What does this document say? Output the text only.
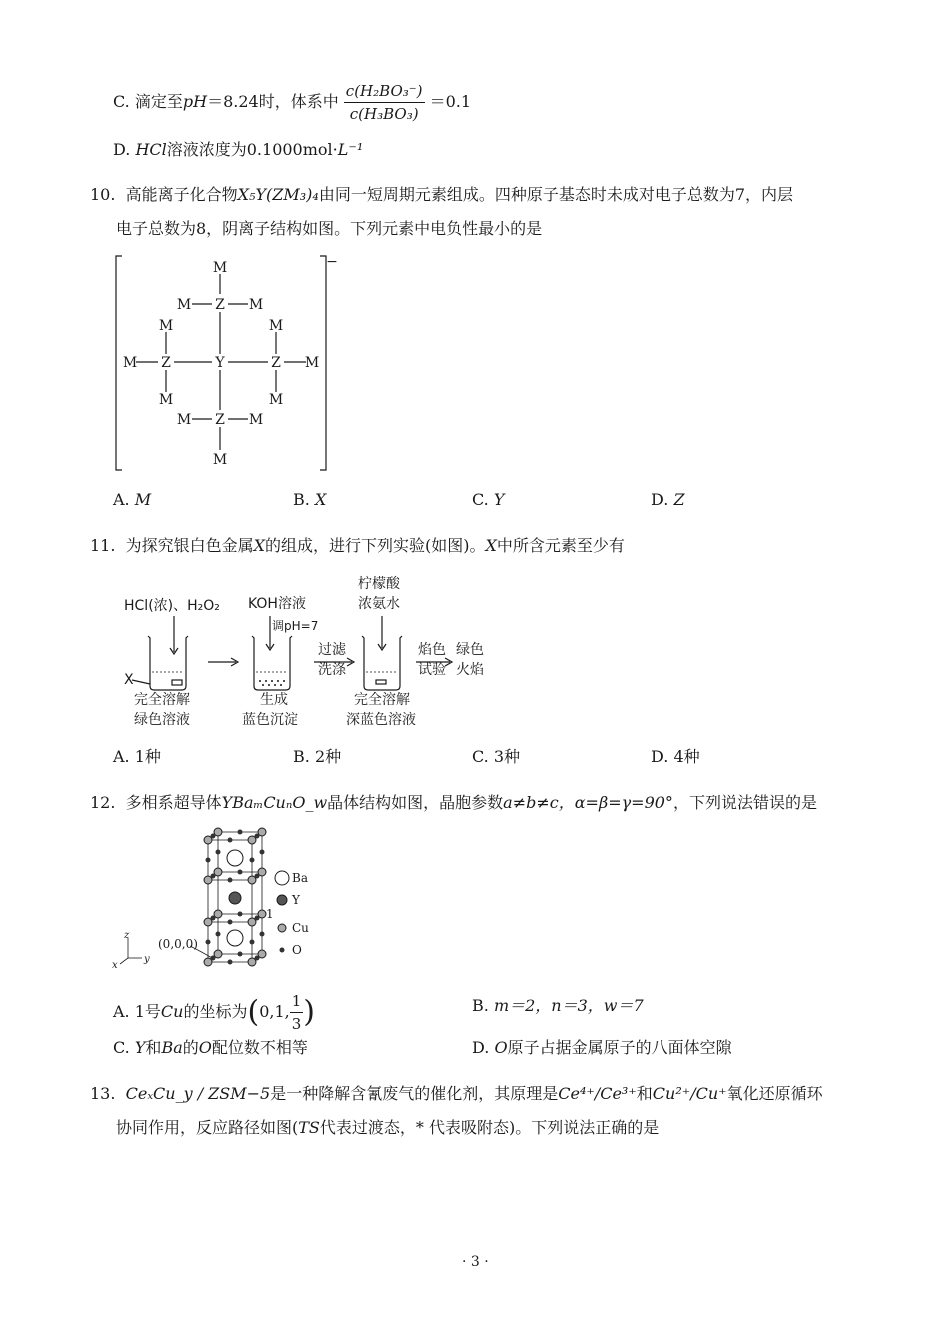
C. 滴定至pH＝8.24时，体系中 $\frac{\text{c(H₂BO₃⁻)}}{\text{c(H₃BO₃)}} =0.1$
D. HCl溶液浓度为0.1000mol·L⁻¹
10. 高能离子化合物X₅Y(ZM₃)₄由同一短周期元素组成。四种原子基态时未成对电子总数为7，内层
电子总数为8，阴离子结构如图。下列元素中电负性最小的是
−
M
M Z M
M	M
M Z	Y	Z M
M	M
M Z M
M
A. M	B. X	C. Y	D. Z
11. 为探究银白色金属X的组成，进行下列实验(如图)。X中所含元素至少有
HCl(浓)、H₂O₂ KOH溶液
调pH=7
柠檬酸
浓氨水
X
过滤
洗涤
焰色
试验
绿色
火焰
完全溶解
绿色溶液
生成
蓝色沉淀
完全溶解
深蓝色溶液
A. 1种	B. 2种	C. 3种	D. 4种
12. 多相系超导体YBaₘCuₙO_w晶体结构如图，晶胞参数a≠b≠c，α=β=γ=90°，下列说法错误的是
Ba
Y
Cu
O
1
(0,0,0)
z
x
y
A. 1号Cu的坐标为(0,1, $\frac{1}{3}$ )	B. m＝2，n＝3，w＝7
C. Y和Ba的O配位数不相等	D. O原子占据金属原子的八面体空隙
13. CeₓCu_y / ZSM−5是一种降解含氰废气的催化剂，其原理是Ce⁴⁺/Ce³⁺和Cu²⁺/Cu⁺氧化还原循环
协同作用，反应路径如图(TS代表过渡态，* 代表吸附态)。下列说法正确的是
· 3 ·
